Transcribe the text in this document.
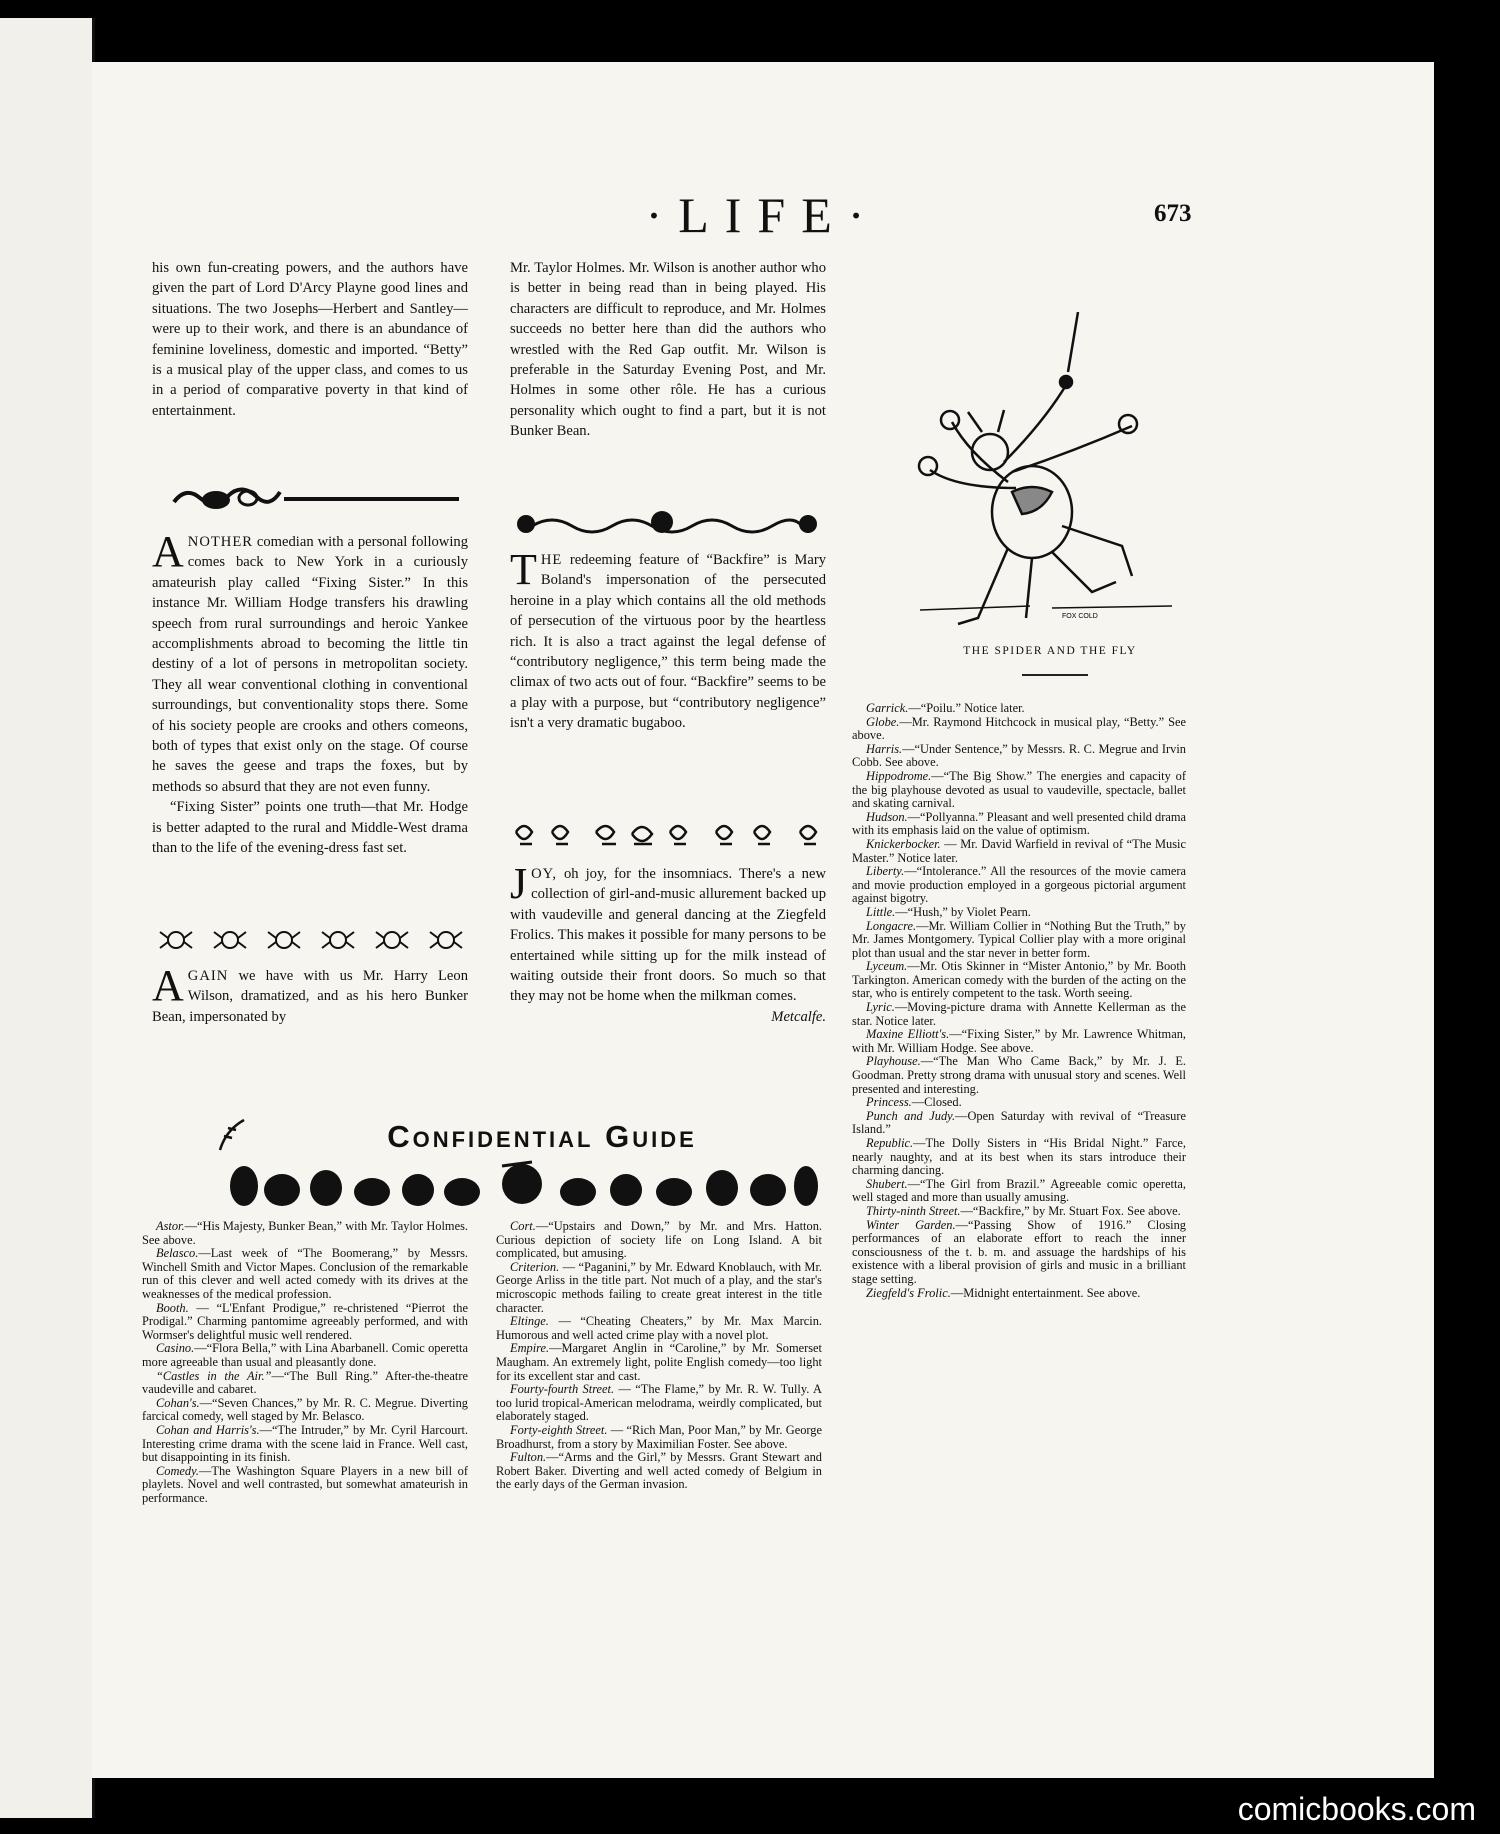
·LIFE·	673

his own fun-creating powers, and the authors have given the part of Lord D'Arcy Playne good lines and situations. The two Josephs—Herbert and Santley—were up to their work, and there is an abundance of feminine loveliness, domestic and imported. “Betty” is a musical play of the upper class, and comes to us in a period of comparative poverty in that kind of entertainment.

ANOTHER comedian with a personal following comes back to New York in a curiously amateurish play called “Fixing Sister.” In this instance Mr. William Hodge transfers his drawling speech from rural surroundings and heroic Yankee accomplishments abroad to becoming the little tin destiny of a lot of persons in metropolitan society. They all wear conventional clothing in conventional surroundings, but conventionality stops there. Some of his society people are crooks and others comeons, both of types that exist only on the stage. Of course he saves the geese and traps the foxes, but by methods so absurd that they are not even funny.

“Fixing Sister” points one truth—that Mr. Hodge is better adapted to the rural and Middle-West drama than to the life of the evening-dress fast set.

AGAIN we have with us Mr. Harry Leon Wilson, dramatized, and as his hero Bunker Bean, impersonated by

Mr. Taylor Holmes. Mr. Wilson is another author who is better in being read than in being played. His characters are difficult to reproduce, and Mr. Holmes succeeds no better here than did the authors who wrestled with the Red Gap outfit. Mr. Wilson is preferable in the Saturday Evening Post, and Mr. Holmes in some other rôle. He has a curious personality which ought to find a part, but it is not Bunker Bean.

THE redeeming feature of “Backfire” is Mary Boland's impersonation of the persecuted heroine in a play which contains all the old methods of persecution of the virtuous poor by the heartless rich. It is also a tract against the legal defense of “contributory negligence,” this term being made the climax of two acts out of four. “Backfire” seems to be a play with a purpose, but “contributory negligence” isn't a very dramatic bugaboo.

JOY, oh joy, for the insomniacs. There's a new collection of girl-and-music allurement backed up with vaudeville and general dancing at the Ziegfeld Frolics. This makes it possible for many persons to be entertained while sitting up for the milk instead of waiting outside their front doors. So much so that they may not be home when the milkman comes.

Metcalfe.

FOX COLD
THE SPIDER AND THE FLY
Confidential Guide

Astor.—“His Majesty, Bunker Bean,” with Mr. Taylor Holmes. See above.

Belasco.—Last week of “The Boomerang,” by Messrs. Winchell Smith and Victor Mapes. Conclusion of the remarkable run of this clever and well acted comedy with its drives at the weaknesses of the medical profession.

Booth. — “L'Enfant Prodigue,” re-christened “Pierrot the Prodigal.” Charming pantomime agreeably performed, and with Wormser's delightful music well rendered.

Casino.—“Flora Bella,” with Lina Abarbanell. Comic operetta more agreeable than usual and pleasantly done.

“Castles in the Air.”—“The Bull Ring.” After-the-theatre vaudeville and cabaret.

Cohan's.—“Seven Chances,” by Mr. R. C. Megrue. Diverting farcical comedy, well staged by Mr. Belasco.

Cohan and Harris's.—“The Intruder,” by Mr. Cyril Harcourt. Interesting crime drama with the scene laid in France. Well cast, but disappointing in its finish.

Comedy.—The Washington Square Players in a new bill of playlets. Novel and well contrasted, but somewhat amateurish in performance.

Cort.—“Upstairs and Down,” by Mr. and Mrs. Hatton. Curious depiction of society life on Long Island. A bit complicated, but amusing.

Criterion. — “Paganini,” by Mr. Edward Knoblauch, with Mr. George Arliss in the title part. Not much of a play, and the star's microscopic methods failing to create great interest in the title character.

Eltinge. — “Cheating Cheaters,” by Mr. Max Marcin. Humorous and well acted crime play with a novel plot.

Empire.—Margaret Anglin in “Caroline,” by Mr. Somerset Maugham. An extremely light, polite English comedy—too light for its excellent star and cast.

Fourty-fourth Street. — “The Flame,” by Mr. R. W. Tully. A too lurid tropical-American melodrama, weirdly complicated, but elaborately staged.

Forty-eighth Street. — “Rich Man, Poor Man,” by Mr. George Broadhurst, from a story by Maximilian Foster. See above.

Fulton.—“Arms and the Girl,” by Messrs. Grant Stewart and Robert Baker. Diverting and well acted comedy of Belgium in the early days of the German invasion.

Garrick.—“Poilu.” Notice later.

Globe.—Mr. Raymond Hitchcock in musical play, “Betty.” See above.

Harris.—“Under Sentence,” by Messrs. R. C. Megrue and Irvin Cobb. See above.

Hippodrome.—“The Big Show.” The energies and capacity of the big playhouse devoted as usual to vaudeville, spectacle, ballet and skating carnival.

Hudson.—“Pollyanna.” Pleasant and well presented child drama with its emphasis laid on the value of optimism.

Knickerbocker. — Mr. David Warfield in revival of “The Music Master.” Notice later.

Liberty.—“Intolerance.” All the resources of the movie camera and movie production employed in a gorgeous pictorial argument against bigotry.

Little.—“Hush,” by Violet Pearn.

Longacre.—Mr. William Collier in “Nothing But the Truth,” by Mr. James Montgomery. Typical Collier play with a more original plot than usual and the star never in better form.

Lyceum.—Mr. Otis Skinner in “Mister Antonio,” by Mr. Booth Tarkington. American comedy with the burden of the acting on the star, who is entirely competent to the task. Worth seeing.

Lyric.—Moving-picture drama with Annette Kellerman as the star. Notice later.

Maxine Elliott's.—“Fixing Sister,” by Mr. Lawrence Whitman, with Mr. William Hodge. See above.

Playhouse.—“The Man Who Came Back,” by Mr. J. E. Goodman. Pretty strong drama with unusual story and scenes. Well presented and interesting.

Princess.—Closed.

Punch and Judy.—Open Saturday with revival of “Treasure Island.”

Republic.—The Dolly Sisters in “His Bridal Night.” Farce, nearly naughty, and at its best when its stars introduce their charming dancing.

Shubert.—“The Girl from Brazil.” Agreeable comic operetta, well staged and more than usually amusing.

Thirty-ninth Street.—“Backfire,” by Mr. Stuart Fox. See above.

Winter Garden.—“Passing Show of 1916.” Closing performances of an elaborate effort to reach the inner consciousness of the t. b. m. and assuage the hardships of his existence with a liberal provision of girls and music in a brilliant stage setting.

Ziegfeld's Frolic.—Midnight entertainment. See above.

comicbooks.com
